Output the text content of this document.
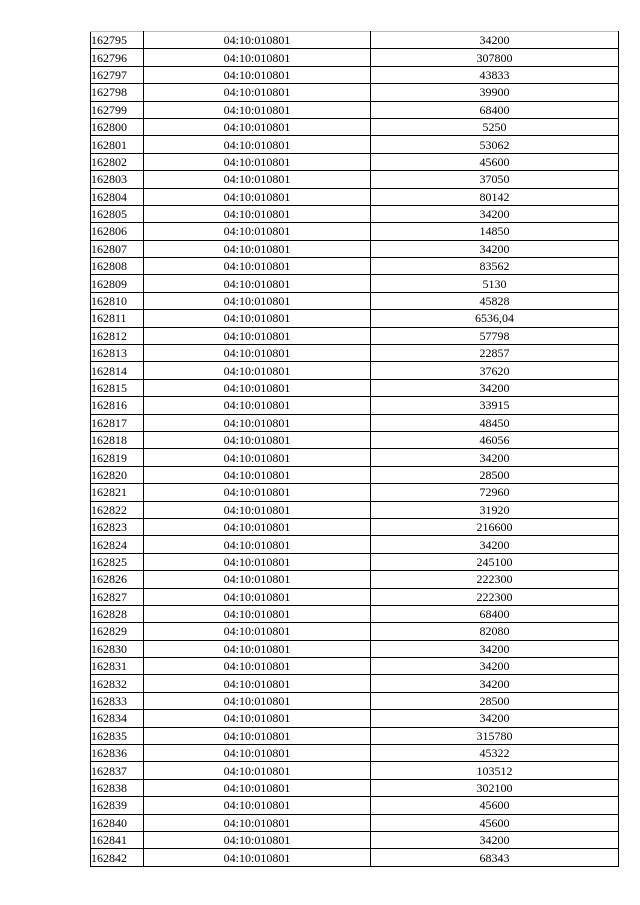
162795	04:10:010801	34200
162796	04:10:010801	307800
162797	04:10:010801	43833
162798	04:10:010801	39900
162799	04:10:010801	68400
162800	04:10:010801	5250
162801	04:10:010801	53062
162802	04:10:010801	45600
162803	04:10:010801	37050
162804	04:10:010801	80142
162805	04:10:010801	34200
162806	04:10:010801	14850
162807	04:10:010801	34200
162808	04:10:010801	83562
162809	04:10:010801	5130
162810	04:10:010801	45828
162811	04:10:010801	6536,04
162812	04:10:010801	57798
162813	04:10:010801	22857
162814	04:10:010801	37620
162815	04:10:010801	34200
162816	04:10:010801	33915
162817	04:10:010801	48450
162818	04:10:010801	46056
162819	04:10:010801	34200
162820	04:10:010801	28500
162821	04:10:010801	72960
162822	04:10:010801	31920
162823	04:10:010801	216600
162824	04:10:010801	34200
162825	04:10:010801	245100
162826	04:10:010801	222300
162827	04:10:010801	222300
162828	04:10:010801	68400
162829	04:10:010801	82080
162830	04:10:010801	34200
162831	04:10:010801	34200
162832	04:10:010801	34200
162833	04:10:010801	28500
162834	04:10:010801	34200
162835	04:10:010801	315780
162836	04:10:010801	45322
162837	04:10:010801	103512
162838	04:10:010801	302100
162839	04:10:010801	45600
162840	04:10:010801	45600
162841	04:10:010801	34200
162842	04:10:010801	68343
